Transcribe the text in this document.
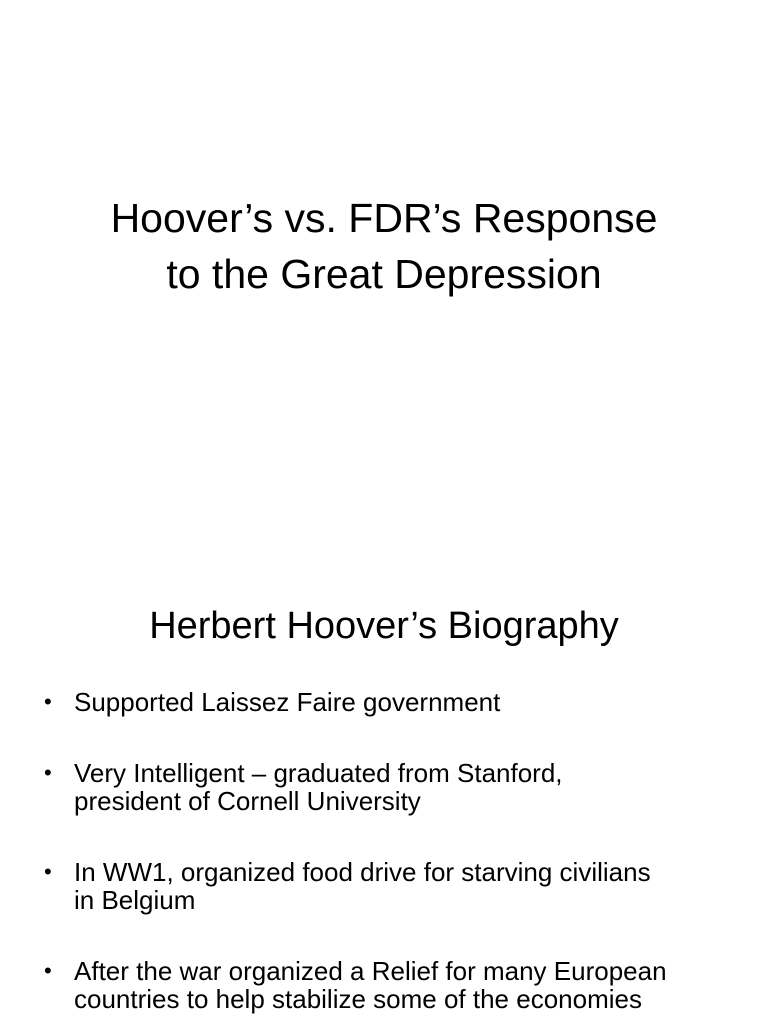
Hoover’s vs. FDR’s Response
to the Great Depression
Herbert Hoover’s Biography
• Supported Laissez Faire government
• Very Intelligent – graduated from Stanford,
president of Cornell University
• In WW1, organized food drive for starving civilians
in Belgium
• After the war organized a Relief for many European
countries to help stabilize some of the economies
